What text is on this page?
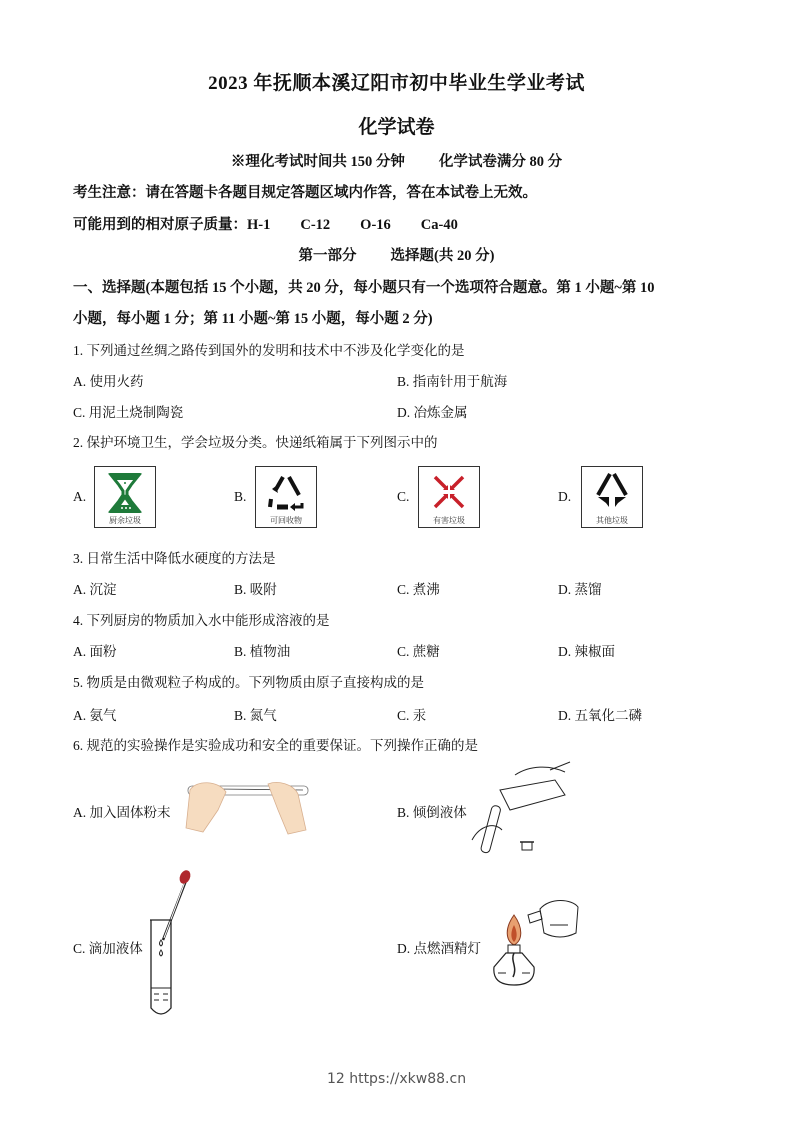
2023 年抚顺本溪辽阳市初中毕业生学业考试
化学试卷
※理化考试时间共 150 分钟 化学试卷满分 80 分
考生注意：请在答题卡各题目规定答题区域内作答，答在本试卷上无效。
可能用到的相对原子质量：H-1 C-12 O-16 Ca-40
第一部分 选择题(共 20 分)
一、选择题(本题包括 15 个小题，共 20 分，每小题只有一个选项符合题意。第 1 小题~第 10
小题，每小题 1 分；第 11 小题~第 15 小题，每小题 2 分)
1. 下列通过丝绸之路传到国外的发明和技术中不涉及化学变化的是
A. 使用火药	B. 指南针用于航海
C. 用泥土烧制陶瓷	D. 冶炼金属
2. 保护环境卫生，学会垃圾分类。快递纸箱属于下列图示中的
A.
厨余垃圾
B.
可回收物
C.
有害垃圾
D.
其他垃圾
3. 日常生活中降低水硬度的方法是
A. 沉淀	B. 吸附	C. 煮沸	D. 蒸馏
4. 下列厨房的物质加入水中能形成溶液的是
A. 面粉	B. 植物油	C. 蔗糖	D. 辣椒面
5. 物质是由微观粒子构成的。下列物质由原子直接构成的是
A. 氨气	B. 氮气	C. 汞	D. 五氧化二磷
6. 规范的实验操作是实验成功和安全的重要保证。下列操作正确的是
A. 加入固体粉末	B. 倾倒液体
C. 滴加液体	D. 点燃酒精灯
12 https://xkw88.cn
